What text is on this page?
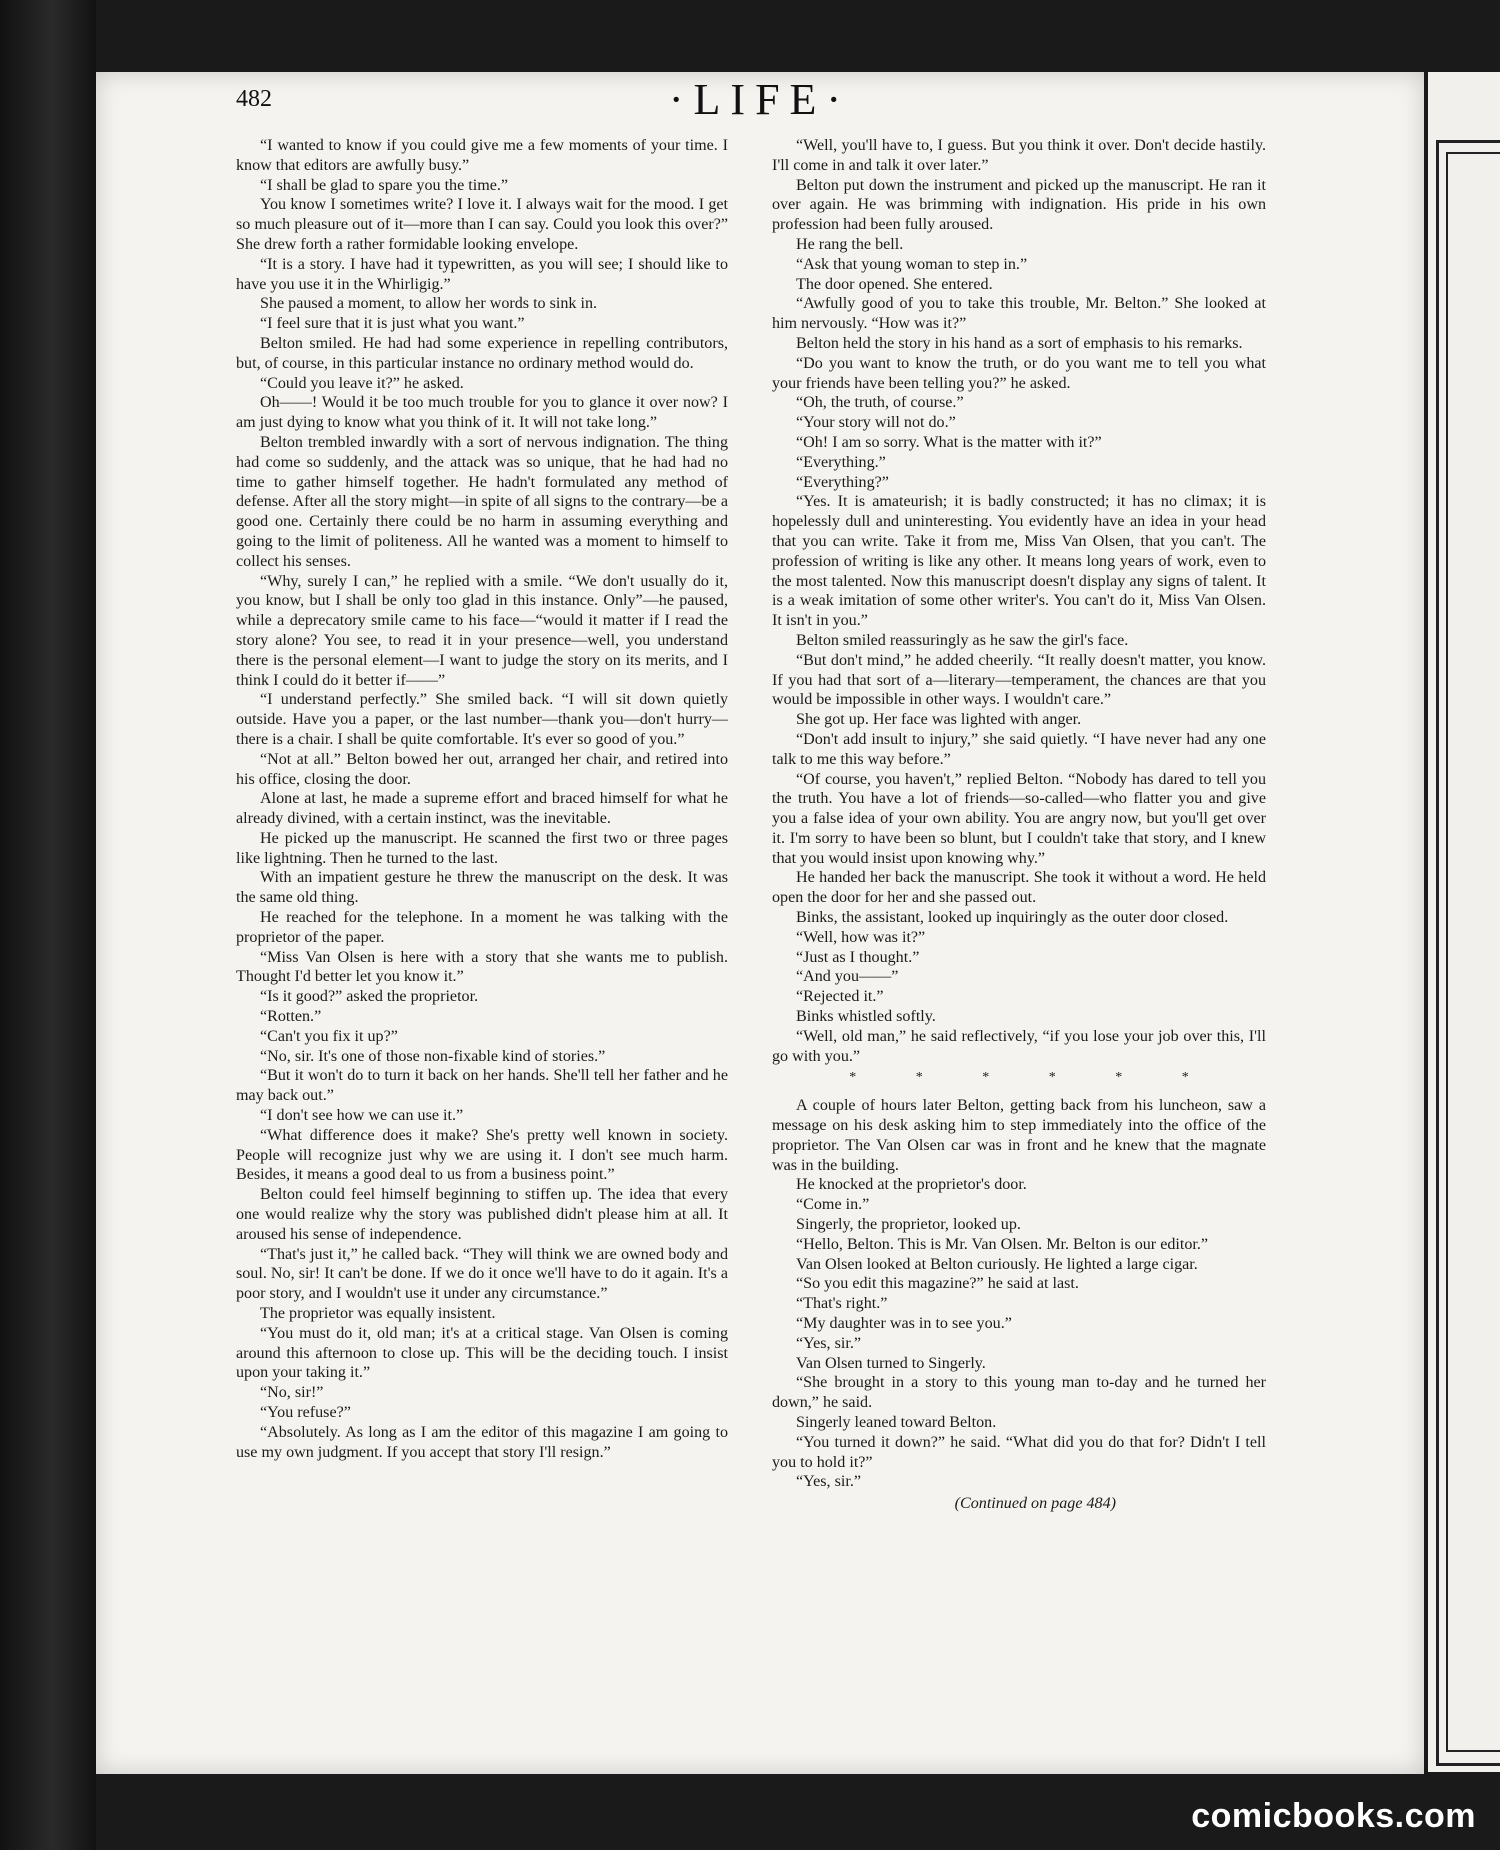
482	·LIFE·

“I wanted to know if you could give me a few moments of your time. I know that editors are awfully busy.”

“I shall be glad to spare you the time.”

You know I sometimes write? I love it. I always wait for the mood. I get so much pleasure out of it—more than I can say. Could you look this over?” She drew forth a rather formidable looking envelope.

“It is a story. I have had it typewritten, as you will see; I should like to have you use it in the Whirligig.”

She paused a moment, to allow her words to sink in.

“I feel sure that it is just what you want.”

Belton smiled. He had had some experience in repelling contributors, but, of course, in this particular instance no ordinary method would do.

“Could you leave it?” he asked.

Oh——! Would it be too much trouble for you to glance it over now? I am just dying to know what you think of it. It will not take long.”

Belton trembled inwardly with a sort of nervous indignation. The thing had come so suddenly, and the attack was so unique, that he had had no time to gather himself together. He hadn't formulated any method of defense. After all the story might—in spite of all signs to the contrary—be a good one. Certainly there could be no harm in assuming everything and going to the limit of politeness. All he wanted was a moment to himself to collect his senses.

“Why, surely I can,” he replied with a smile. “We don't usually do it, you know, but I shall be only too glad in this instance. Only”—he paused, while a deprecatory smile came to his face—“would it matter if I read the story alone? You see, to read it in your presence—well, you understand there is the personal element—I want to judge the story on its merits, and I think I could do it better if——”

“I understand perfectly.” She smiled back. “I will sit down quietly outside. Have you a paper, or the last number—thank you—don't hurry—there is a chair. I shall be quite comfortable. It's ever so good of you.”

“Not at all.” Belton bowed her out, arranged her chair, and retired into his office, closing the door.

Alone at last, he made a supreme effort and braced himself for what he already divined, with a certain instinct, was the inevitable.

He picked up the manuscript. He scanned the first two or three pages like lightning. Then he turned to the last.

With an impatient gesture he threw the manuscript on the desk. It was the same old thing.

He reached for the telephone. In a moment he was talking with the proprietor of the paper.

“Miss Van Olsen is here with a story that she wants me to publish. Thought I'd better let you know it.”

“Is it good?” asked the proprietor.

“Rotten.”

“Can't you fix it up?”

“No, sir. It's one of those non-fixable kind of stories.”

“But it won't do to turn it back on her hands. She'll tell her father and he may back out.”

“I don't see how we can use it.”

“What difference does it make? She's pretty well known in society. People will recognize just why we are using it. I don't see much harm. Besides, it means a good deal to us from a business point.”

Belton could feel himself beginning to stiffen up. The idea that every one would realize why the story was published didn't please him at all. It aroused his sense of independence.

“That's just it,” he called back. “They will think we are owned body and soul. No, sir! It can't be done. If we do it once we'll have to do it again. It's a poor story, and I wouldn't use it under any circumstance.”

The proprietor was equally insistent.

“You must do it, old man; it's at a critical stage. Van Olsen is coming around this afternoon to close up. This will be the deciding touch. I insist upon your taking it.”

“No, sir!”

“You refuse?”

“Absolutely. As long as I am the editor of this magazine I am going to use my own judgment. If you accept that story I'll resign.”

“Well, you'll have to, I guess. But you think it over. Don't decide hastily. I'll come in and talk it over later.”

Belton put down the instrument and picked up the manuscript. He ran it over again. He was brimming with indignation. His pride in his own profession had been fully aroused.

He rang the bell.

“Ask that young woman to step in.”

The door opened. She entered.

“Awfully good of you to take this trouble, Mr. Belton.” She looked at him nervously. “How was it?”

Belton held the story in his hand as a sort of emphasis to his remarks.

“Do you want to know the truth, or do you want me to tell you what your friends have been telling you?” he asked.

“Oh, the truth, of course.”

“Your story will not do.”

“Oh! I am so sorry. What is the matter with it?”

“Everything.”

“Everything?”

“Yes. It is amateurish; it is badly constructed; it has no climax; it is hopelessly dull and uninteresting. You evidently have an idea in your head that you can write. Take it from me, Miss Van Olsen, that you can't. The profession of writing is like any other. It means long years of work, even to the most talented. Now this manuscript doesn't display any signs of talent. It is a weak imitation of some other writer's. You can't do it, Miss Van Olsen. It isn't in you.”

Belton smiled reassuringly as he saw the girl's face.

“But don't mind,” he added cheerily. “It really doesn't matter, you know. If you had that sort of a—literary—temperament, the chances are that you would be impossible in other ways. I wouldn't care.”

She got up. Her face was lighted with anger.

“Don't add insult to injury,” she said quietly. “I have never had any one talk to me this way before.”

“Of course, you haven't,” replied Belton. “Nobody has dared to tell you the truth. You have a lot of friends—so-called—who flatter you and give you a false idea of your own ability. You are angry now, but you'll get over it. I'm sorry to have been so blunt, but I couldn't take that story, and I knew that you would insist upon knowing why.”

He handed her back the manuscript. She took it without a word. He held open the door for her and she passed out.

Binks, the assistant, looked up inquiringly as the outer door closed.

“Well, how was it?”

“Just as I thought.”

“And you——”

“Rejected it.”

Binks whistled softly.

“Well, old man,” he said reflectively, “if you lose your job over this, I'll go with you.”

* * * * * *

A couple of hours later Belton, getting back from his luncheon, saw a message on his desk asking him to step immediately into the office of the proprietor. The Van Olsen car was in front and he knew that the magnate was in the building.

He knocked at the proprietor's door.

“Come in.”

Singerly, the proprietor, looked up.

“Hello, Belton. This is Mr. Van Olsen. Mr. Belton is our editor.”

Van Olsen looked at Belton curiously. He lighted a large cigar.

“So you edit this magazine?” he said at last.

“That's right.”

“My daughter was in to see you.”

“Yes, sir.”

Van Olsen turned to Singerly.

“She brought in a story to this young man to-day and he turned her down,” he said.

Singerly leaned toward Belton.

“You turned it down?” he said. “What did you do that for? Didn't I tell you to hold it?”

“Yes, sir.”

(Continued on page 484)
comicbooks.com
